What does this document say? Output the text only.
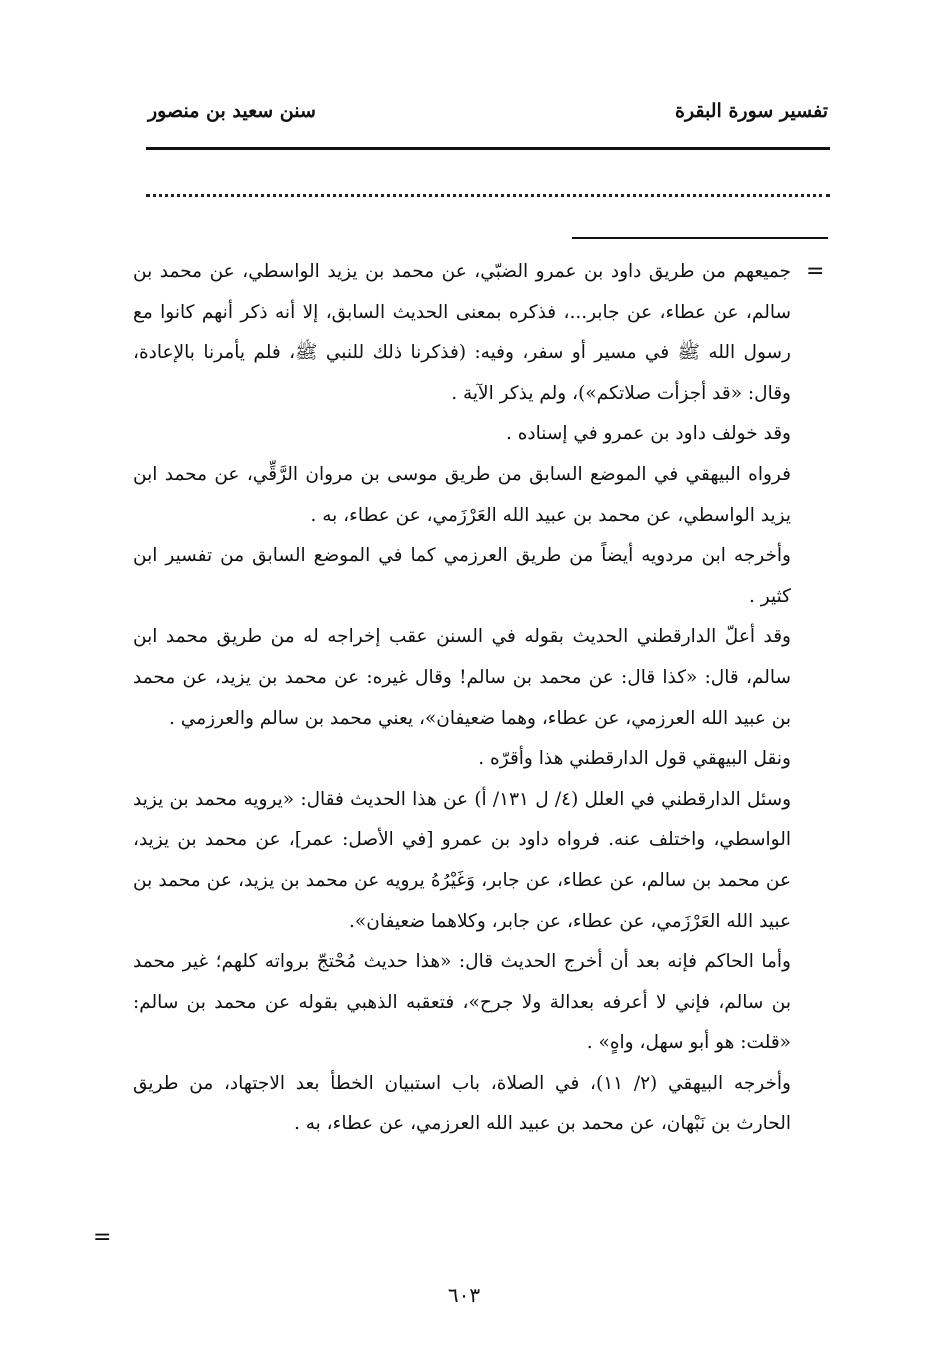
تفسير سورة البقرة
سنن سعيد بن منصور
=

جميعهم من طريق داود بن عمرو الضبّي، عن محمد بن يزيد الواسطي، عن محمد بن سالم، عن عطاء، عن جابر...، فذكره بمعنى الحديث السابق، إلا أنه ذكر أنهم كانوا مع رسول الله ﷺ في مسير أو سفر، وفيه: (فذكرنا ذلك للنبي ﷺ، فلم يأمرنا بالإعادة، وقال: «قد أجزأت صلاتكم»)، ولم يذكر الآية .

وقد خولف داود بن عمرو في إسناده .

فرواه البيهقي في الموضع السابق من طريق موسى بن مروان الرَّقِّي، عن محمد ابن يزيد الواسطي، عن محمد بن عبيد الله العَرْزَمي، عن عطاء، به .

وأخرجه ابن مردويه أيضاً من طريق العرزمي كما في الموضع السابق من تفسير ابن كثير .

وقد أعلّ الدارقطني الحديث بقوله في السنن عقب إخراجه له من طريق محمد ابن سالم، قال: «كذا قال: عن محمد بن سالم! وقال غيره: عن محمد بن يزيد، عن محمد بن عبيد الله العرزمي، عن عطاء، وهما ضعيفان»، يعني محمد بن سالم والعرزمي .

ونقل البيهقي قول الدارقطني هذا وأقرّه .

وسئل الدارقطني في العلل (٤/ ل ١٣١/ أ) عن هذا الحديث فقال: «يرويه محمد بن يزيد الواسطي، واختلف عنه. فرواه داود بن عمرو [في الأصل: عمر]، عن محمد بن يزيد، عن محمد بن سالم، عن عطاء، عن جابر، وَغَيْرُهُ يرويه عن محمد بن يزيد، عن محمد بن عبيد الله العَرْزَمي، عن عطاء، عن جابر، وكلاهما ضعيفان».

وأما الحاكم فإنه بعد أن أخرج الحديث قال: «هذا حديث مُحْتجّ برواته كلهم؛ غير محمد بن سالم، فإني لا أعرفه بعدالة ولا جرح»، فتعقبه الذهبي بقوله عن محمد بن سالم: «قلت: هو أبو سهل، واهٍ» .

وأخرجه البيهقي (٢/ ١١)، في الصلاة، باب استبيان الخطأ بعد الاجتهاد، من طريق الحارث بن نَبْهان، عن محمد بن عبيد الله العرزمي، عن عطاء، به .

=
٦٠٣
